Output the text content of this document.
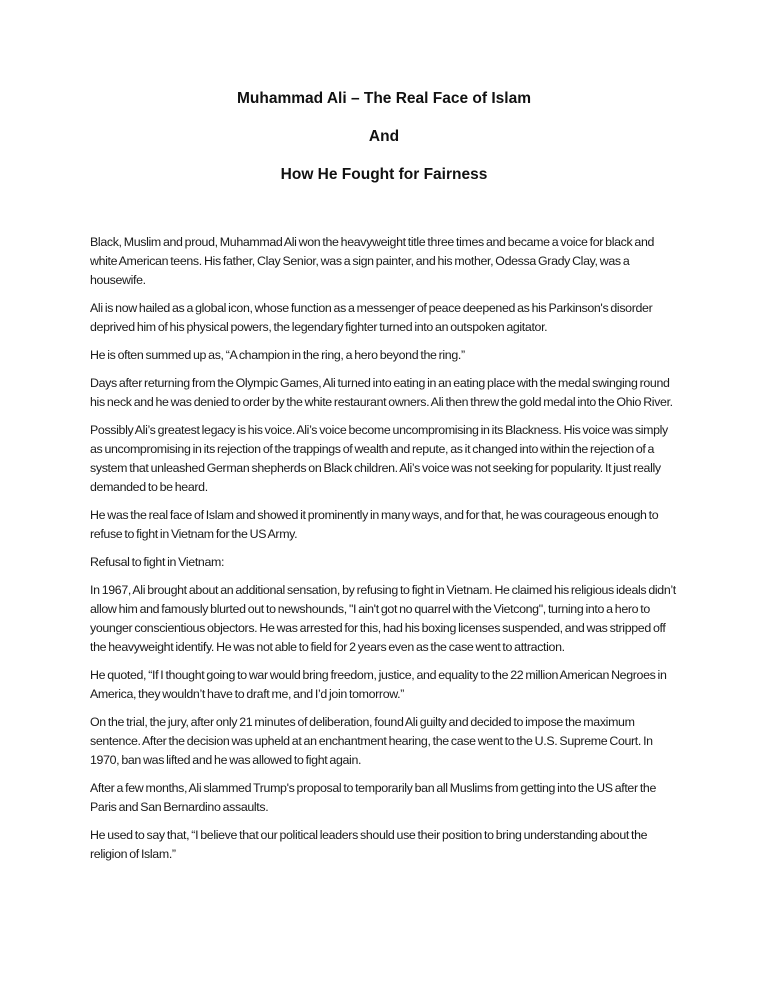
Muhammad Ali – The Real Face of Islam

And

How He Fought for Fairness

Black, Muslim and proud, Muhammad Ali won the heavyweight title three times and became a voice for black and white American teens. His father, Clay Senior, was a sign painter, and his mother, Odessa Grady Clay, was a housewife.

Ali is now hailed as a global icon, whose function as a messenger of peace deepened as his Parkinson's disorder deprived him of his physical powers, the legendary fighter turned into an outspoken agitator.

He is often summed up as, “A champion in the ring, a hero beyond the ring.”

Days after returning from the Olympic Games, Ali turned into eating in an eating place with the medal swinging round his neck and he was denied to order by the white restaurant owners. Ali then threw the gold medal into the Ohio River.

Possibly Ali’s greatest legacy is his voice. Ali’s voice become uncompromising in its Blackness. His voice was simply as uncompromising in its rejection of the trappings of wealth and repute, as it changed into within the rejection of a system that unleashed German shepherds on Black children. Ali’s voice was not seeking for popularity. It just really demanded to be heard.

He was the real face of Islam and showed it prominently in many ways, and for that, he was courageous enough to refuse to fight in Vietnam for the US Army.

Refusal to fight in Vietnam:

In 1967, Ali brought about an additional sensation, by refusing to fight in Vietnam. He claimed his religious ideals didn’t allow him and famously blurted out to newshounds, "I ain't got no quarrel with the Vietcong", turning into a hero to younger conscientious objectors. He was arrested for this, had his boxing licenses suspended, and was stripped off the heavyweight identify. He was not able to field for 2 years even as the case went to attraction.

He quoted, “If I thought going to war would bring freedom, justice, and equality to the 22 million American Negroes in America, they wouldn’t have to draft me, and I’d join tomorrow.”

On the trial, the jury, after only 21 minutes of deliberation, found Ali guilty and decided to impose the maximum sentence. After the decision was upheld at an enchantment hearing, the case went to the U.S. Supreme Court. In 1970, ban was lifted and he was allowed to fight again.

After a few months, Ali slammed Trump's proposal to temporarily ban all Muslims from getting into the US after the Paris and San Bernardino assaults.

He used to say that, “I believe that our political leaders should use their position to bring understanding about the religion of Islam.”
